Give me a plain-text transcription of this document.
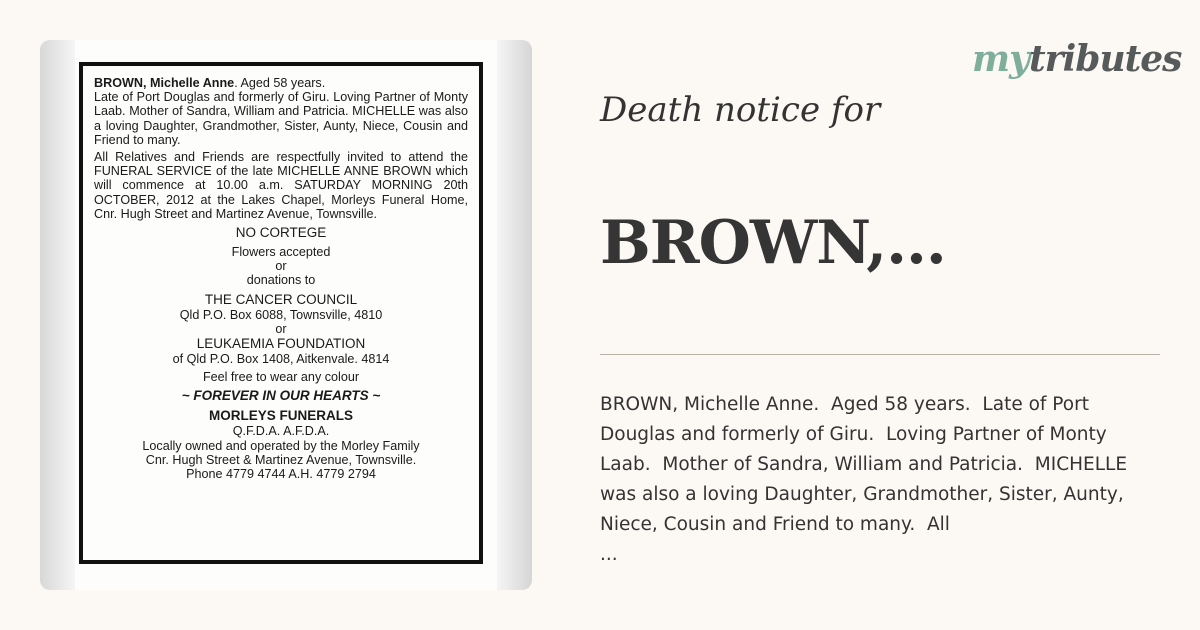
BROWN, Michelle Anne. Aged 58 years.

Late of Port Douglas and formerly of Giru. Loving Partner of Monty Laab. Mother of Sandra, William and Patricia. MICHELLE was also a loving Daughter, Grandmother, Sister, Aunty, Niece, Cousin and Friend to many.

All Relatives and Friends are respectfully invited to attend the FUNERAL SERVICE of the late MICHELLE ANNE BROWN which will commence at 10.00 a.m. SATURDAY MORNING 20th OCTOBER, 2012 at the Lakes Chapel, Morleys Funeral Home, Cnr. Hugh Street and Martinez Avenue, Townsville.

NO CORTEGE
Flowers accepted
or
donations to
THE CANCER COUNCIL
Qld P.O. Box 6088, Townsville, 4810
or
LEUKAEMIA FOUNDATION
of Qld P.O. Box 1408, Aitkenvale. 4814
Feel free to wear any colour
~ FOREVER IN OUR HEARTS ~
MORLEYS FUNERALS
Q.F.D.A. A.F.D.A.
Locally owned and operated by the Morley Family
Cnr. Hugh Street & Martinez Avenue, Townsville.
Phone 4779 4744 A.H. 4779 2794
mytributes
Death notice for
BROWN,...
BROWN, Michelle Anne.  Aged 58 years.  Late of Port Douglas and formerly of Giru.  Loving Partner of Monty Laab.  Mother of Sandra, William and Patricia.  MICHELLE was also a loving Daughter, Grandmother, Sister, Aunty, Niece, Cousin and Friend to many.  All
...
